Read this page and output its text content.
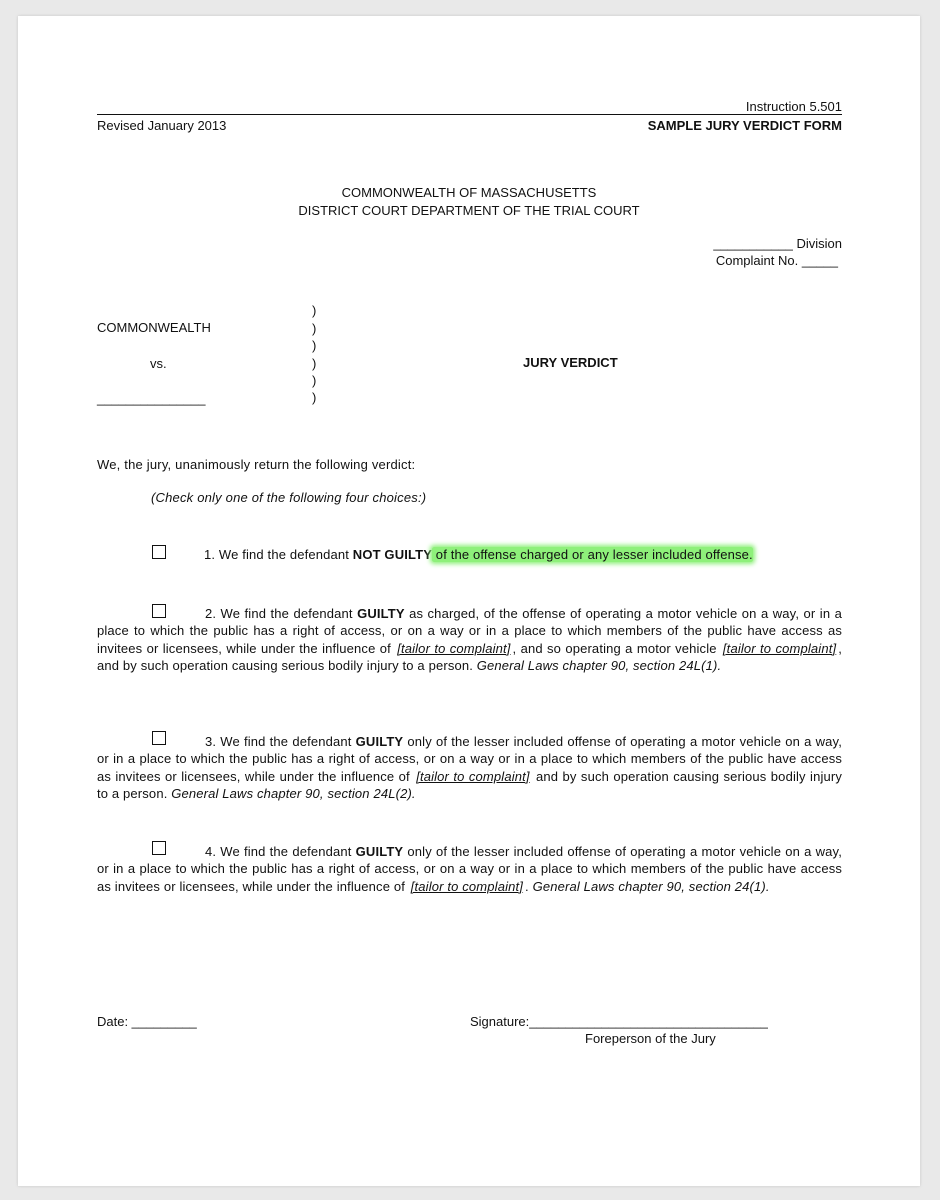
Instruction 5.501
Revised January 2013	SAMPLE JURY VERDICT FORM
COMMONWEALTH OF MASSACHUSETTS
DISTRICT COURT DEPARTMENT OF THE TRIAL COURT
___________ Division
Complaint No. _____
)
)
)
)
)
)
COMMONWEALTH
vs.
_______________
JURY VERDICT
We, the jury, unanimously return the following verdict:
(Check only one of the following four choices:)
1. We find the defendant NOT GUILTY of the offense charged or any lesser included offense.
2. We find the defendant GUILTY as charged, of the offense of operating a motor vehicle on a way, or in a place to which the public has a right of access, or on a way or in a place to which members of the public have access as invitees or licensees, while under the influence of [tailor to complaint] , and so operating a motor vehicle [tailor to complaint] , and by such operation causing serious bodily injury to a person. General Laws chapter 90, section 24L(1).
3. We find the defendant GUILTY only of the lesser included offense of operating a motor vehicle on a way, or in a place to which the public has a right of access, or on a way or in a place to which members of the public have access as invitees or licensees, while under the influence of [tailor to complaint] and by such operation causing serious bodily injury to a person. General Laws chapter 90, section 24L(2).
4. We find the defendant GUILTY only of the lesser included offense of operating a motor vehicle on a way, or in a place to which the public has a right of access, or on a way or in a place to which members of the public have access as invitees or licensees, while under the influence of [tailor to complaint] . General Laws chapter 90, section 24(1).
Date: _________	Signature:_________________________________
Foreperson of the Jury
